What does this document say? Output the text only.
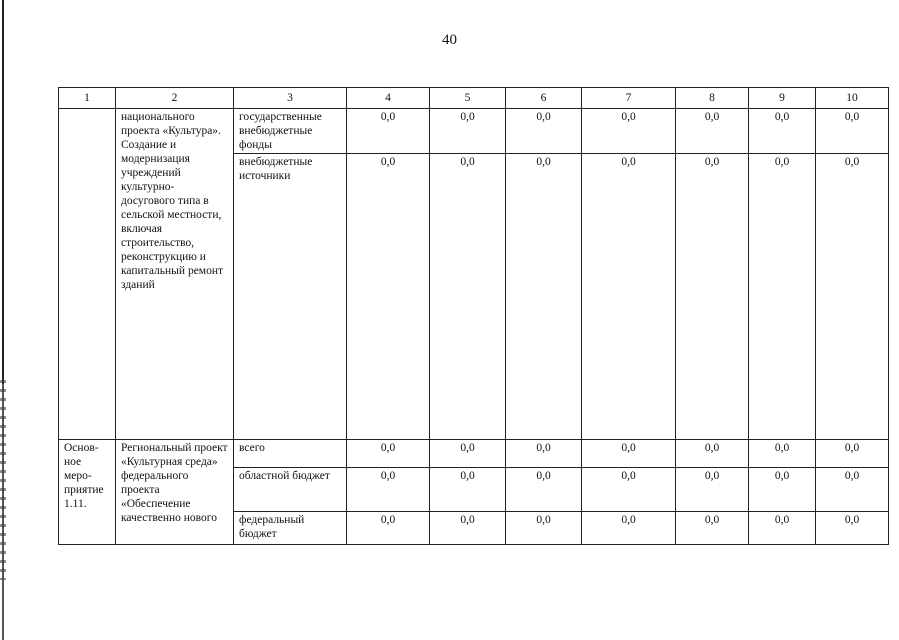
40
1	2	3	4	5	6	7	8	9	10
	национального проекта «Культура». Создание и модернизация учреждений культурно-досугового типа в сельской местности, включая строительство, реконструкцию и капитальный ремонт зданий	государственные внебюджетные фонды	0,0	0,0	0,0	0,0	0,0	0,0	0,0
		внебюджетные источники	0,0	0,0	0,0	0,0	0,0	0,0	0,0
Основ-ное меро-приятие 1.11.	Региональный проект «Культурная среда» федерального проекта «Обеспечение качественно нового	всего	0,0	0,0	0,0	0,0	0,0	0,0	0,0
		областной бюджет	0,0	0,0	0,0	0,0	0,0	0,0	0,0
		федеральный бюджет	0,0	0,0	0,0	0,0	0,0	0,0	0,0
